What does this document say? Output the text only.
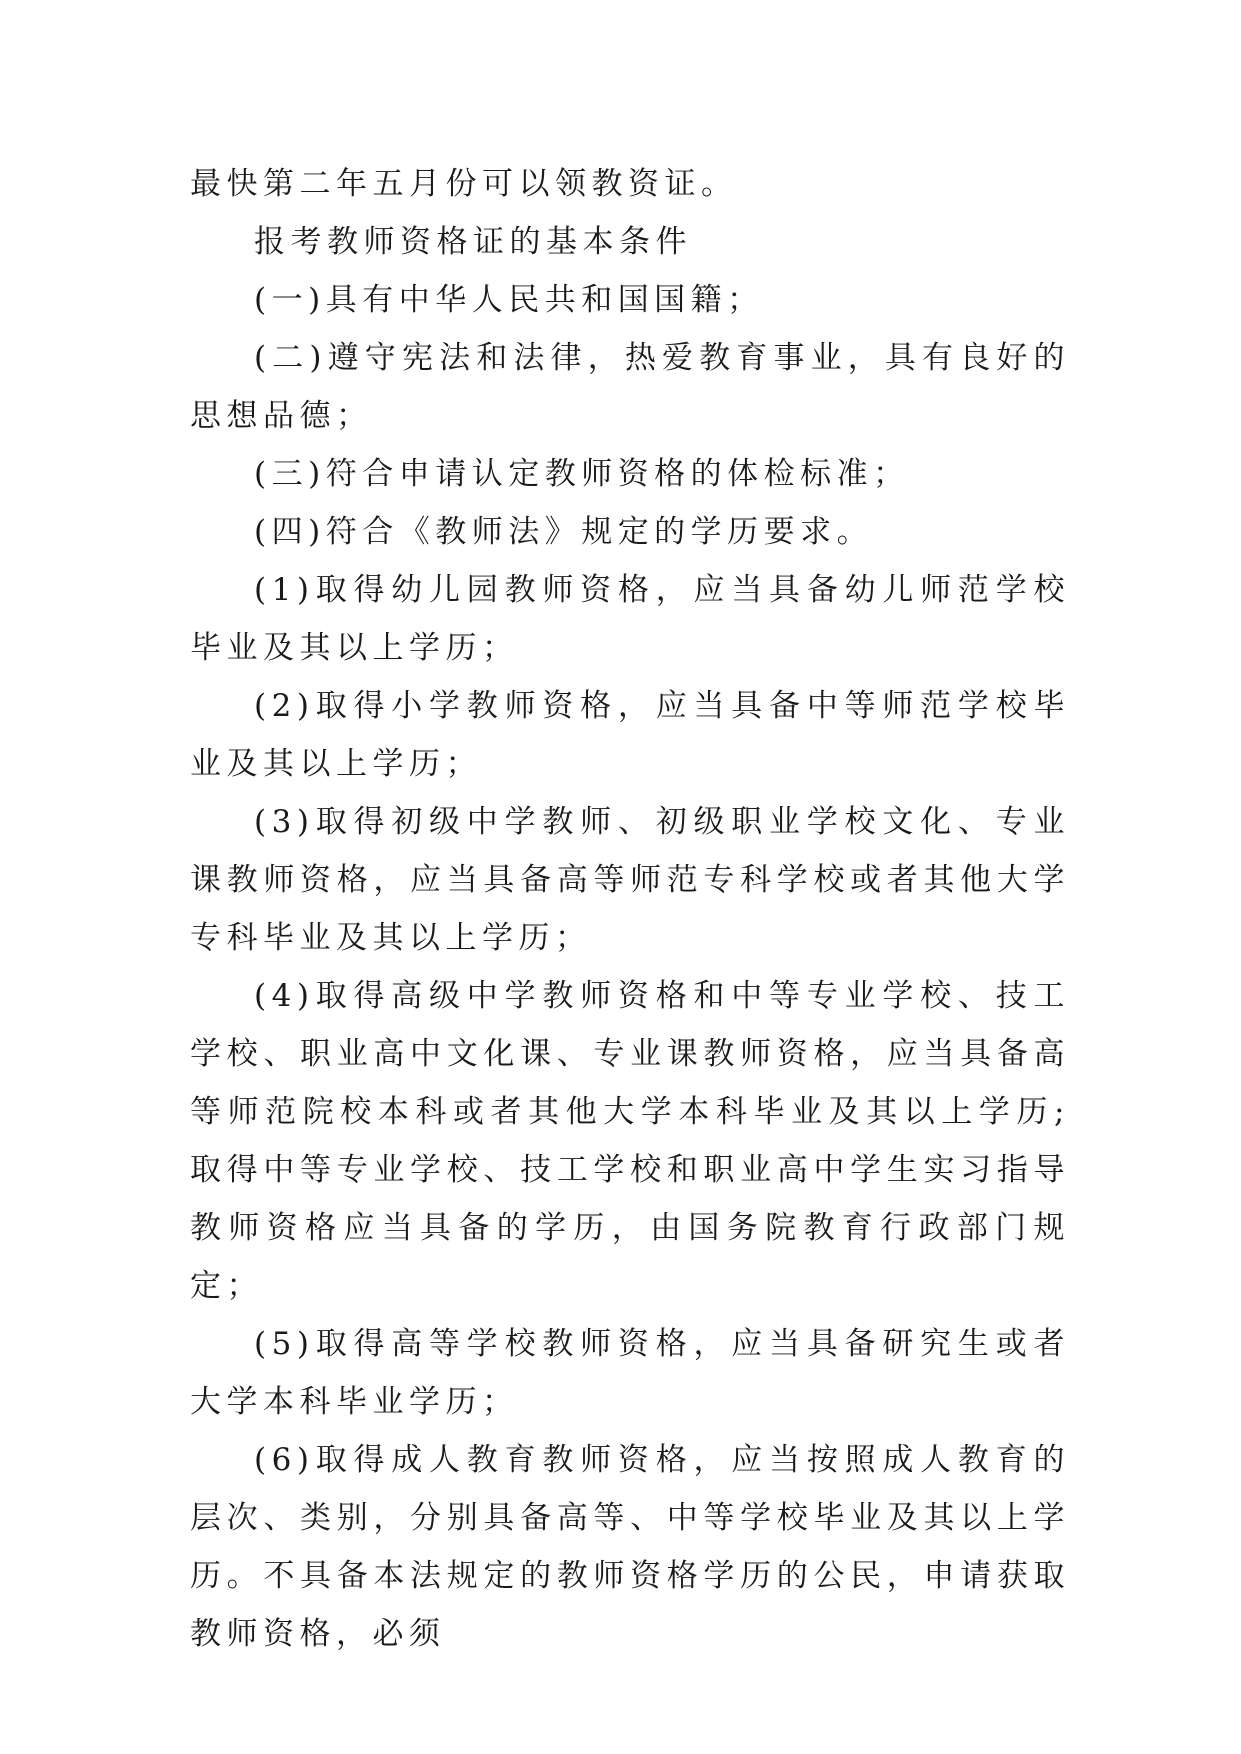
最快第二年五月份可以领教资证。

报考教师资格证的基本条件

(一)具有中华人民共和国国籍；

(二)遵守宪法和法律，热爱教育事业，具有良好的思想品德；

(三)符合申请认定教师资格的体检标准；

(四)符合《教师法》规定的学历要求。

(1)取得幼儿园教师资格，应当具备幼儿师范学校毕业及其以上学历；

(2)取得小学教师资格，应当具备中等师范学校毕业及其以上学历；

(3)取得初级中学教师、初级职业学校文化、专业课教师资格，应当具备高等师范专科学校或者其他大学专科毕业及其以上学历；

(4)取得高级中学教师资格和中等专业学校、技工学校、职业高中文化课、专业课教师资格，应当具备高等师范院校本科或者其他大学本科毕业及其以上学历;取得中等专业学校、技工学校和职业高中学生实习指导教师资格应当具备的学历，由国务院教育行政部门规定；

(5)取得高等学校教师资格，应当具备研究生或者大学本科毕业学历；

(6)取得成人教育教师资格，应当按照成人教育的层次、类别，分别具备高等、中等学校毕业及其以上学历。不具备本法规定的教师资格学历的公民，申请获取教师资格，必须
